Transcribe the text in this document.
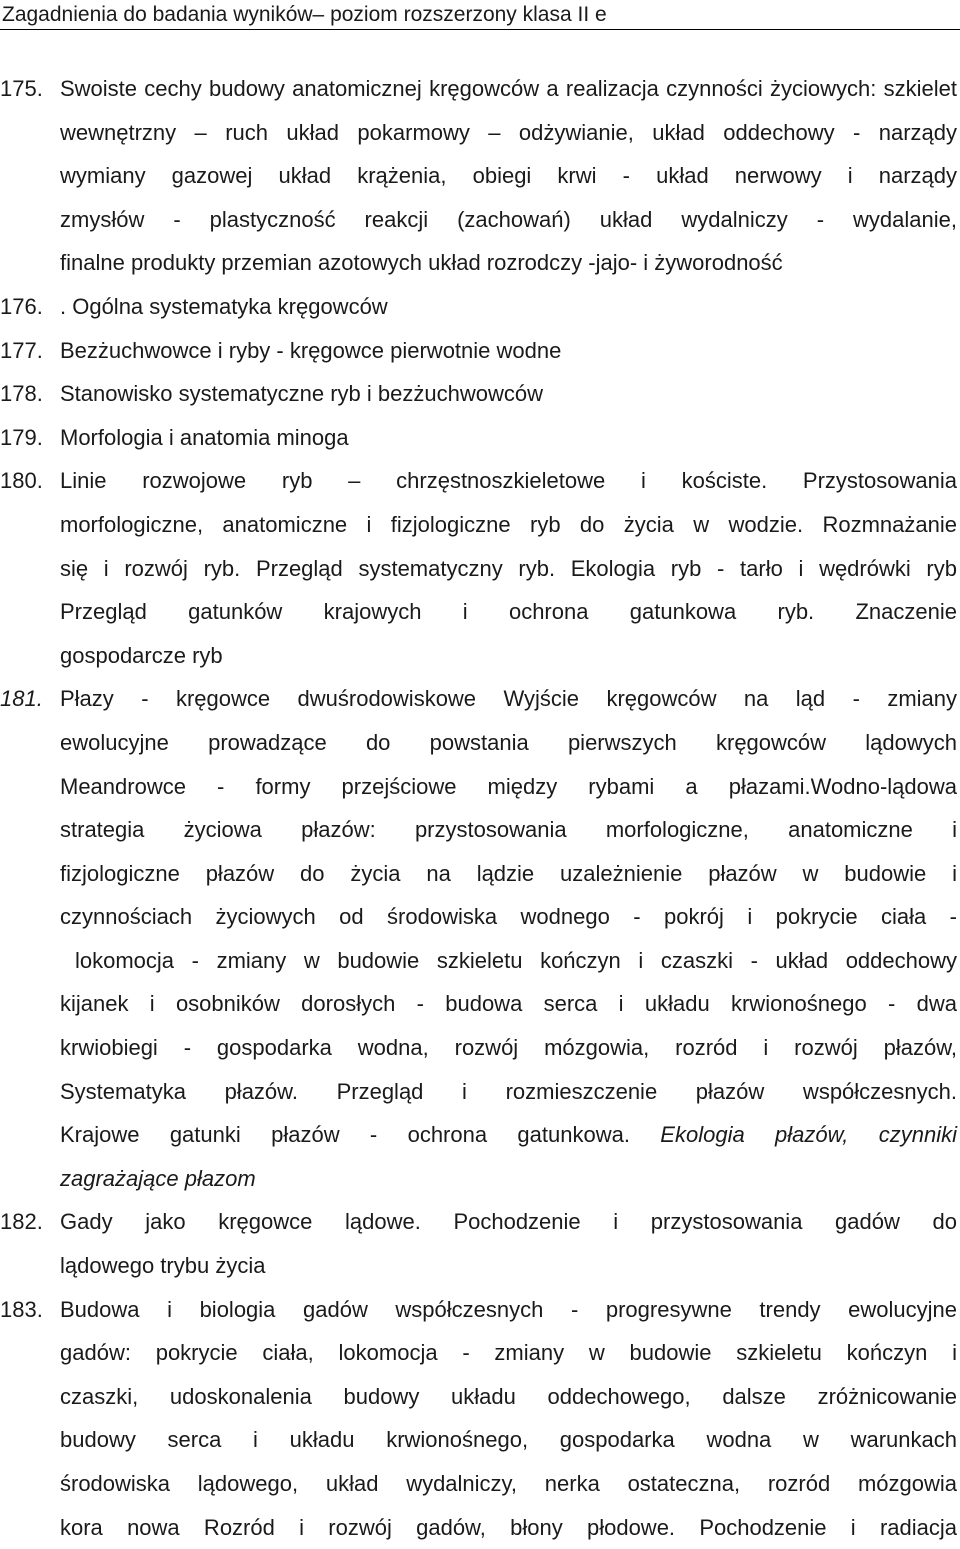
Zagadnienia do badania wyników– poziom rozszerzony klasa II e
175. Swoiste cechy budowy anatomicznej kręgowców a realizacja czynności życiowych: szkielet
wewnętrzny – ruch układ pokarmowy – odżywianie, układ oddechowy - narządy
wymiany gazowej układ krążenia, obiegi krwi - układ nerwowy i narządy
zmysłów - plastyczność reakcji (zachowań) układ wydalniczy - wydalanie,
finalne produkty przemian azotowych układ rozrodczy -jajo- i żyworodność
176. . Ogólna systematyka kręgowców
177. Bezżuchwowce i ryby - kręgowce pierwotnie wodne
178. Stanowisko systematyczne ryb i bezżuchwowców
179. Morfologia i anatomia minoga
180. Linie rozwojowe ryb – chrzęstnoszkieletowe i kościste. Przystosowania
morfologiczne, anatomiczne i fizjologiczne ryb do życia w wodzie. Rozmnażanie
się i rozwój ryb. Przegląd systematyczny ryb. Ekologia ryb - tarło i wędrówki ryb
Przegląd gatunków krajowych i ochrona gatunkowa ryb. Znaczenie
gospodarcze ryb
181. Płazy - kręgowce dwuśrodowiskowe Wyjście kręgowców na ląd - zmiany
ewolucyjne prowadzące do powstania pierwszych kręgowców lądowych
Meandrowce - formy przejściowe między rybami a płazami.Wodno-lądowa
strategia życiowa płazów: przystosowania morfologiczne, anatomiczne i
fizjologiczne płazów do życia na lądzie uzależnienie płazów w budowie i
czynnościach życiowych od środowiska wodnego - pokrój i pokrycie ciała -
lokomocja - zmiany w budowie szkieletu kończyn i czaszki - układ oddechowy
kijanek i osobników dorosłych - budowa serca i układu krwionośnego - dwa
krwiobiegi - gospodarka wodna, rozwój mózgowia, rozród i rozwój płazów,
Systematyka płazów. Przegląd i rozmieszczenie płazów współczesnych.
Krajowe gatunki płazów - ochrona gatunkowa. Ekologia płazów, czynniki
zagrażające płazom
182. Gady jako kręgowce lądowe. Pochodzenie i przystosowania gadów do
lądowego trybu życia
183. Budowa i biologia gadów współczesnych - progresywne trendy ewolucyjne
gadów: pokrycie ciała, lokomocja - zmiany w budowie szkieletu kończyn i
czaszki, udoskonalenia budowy układu oddechowego, dalsze zróżnicowanie
budowy serca i układu krwionośnego, gospodarka wodna w warunkach
środowiska lądowego, układ wydalniczy, nerka ostateczna, rozród mózgowia
kora nowa Rozród i rozwój gadów, błony płodowe. Pochodzenie i radiacja
